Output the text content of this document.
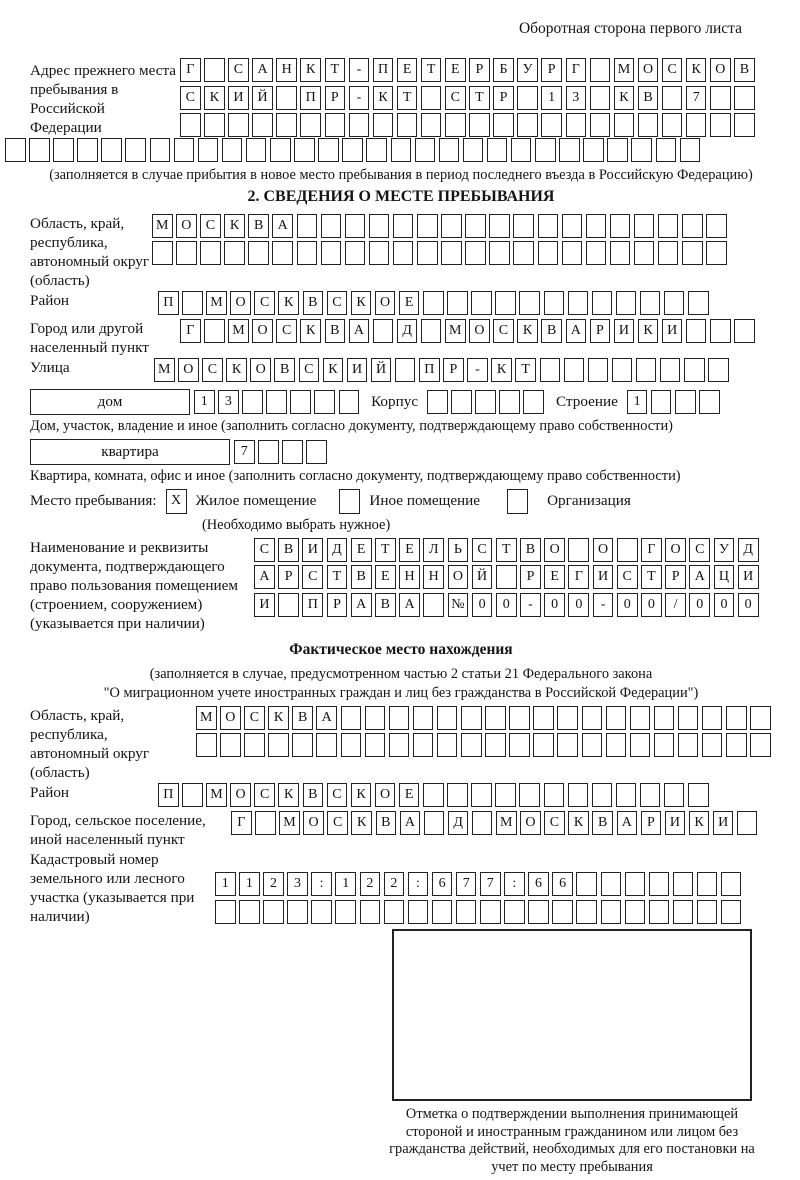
Оборотная сторона первого листа
Адрес прежнего места пребывания в Российской Федерации
Г	С	А Н	К	Т	-	П	Е	Т	Е	Р	Б	У	Р	Г	М О	С	К	О	В
С	К	И Й	П	Р	-	К	Т	С	Т	Р	1	3	К	В	7
(заполняется в случае прибытия в новое место пребывания в период последнего въезда в Российскую Федерацию)
2. СВЕДЕНИЯ О МЕСТЕ ПРЕБЫВАНИЯ
Область, край, республика, автономный округ (область)
М О	С	К	В	А
Район	П	М О	С	К	В	С	К	О	Е
Город или другой населенный пункт
Г	М О	С	К	В	А	Д	М О	С	К	В	А	Р	И	К	И
Улица	М О	С	К	О	В	С	К	И Й	П	Р	-	К	Т
дом	1	3	Корпус	Строение	1
Дом, участок, владение и иное (заполнить согласно документу, подтверждающему право собственности)
квартира	7
Квартира, комната, офис и иное (заполнить согласно документу, подтверждающему право собственности)
Место пребывания: X Жилое помещение	Иное помещение	Организация
(Необходимо выбрать нужное)
Наименование и реквизиты документа, подтверждающего право пользования помещением (строением, сооружением) (указывается при наличии)
С	В	И	Д	Е	Т	Е	Л	Ь	С	Т	В	О	О	Г	О	С	У	Д
А	Р	С	Т	В	Е	Н	Н	О	Й	Р	Е	Г	И	С	Т	Р	А	Ц	И
И	П	Р	А	В	А	№	0	0	-	0	0	-	0	0	/	0	0	0
Фактическое место нахождения
(заполняется в случае, предусмотренном частью 2 статьи 21 Федерального закона
"О миграционном учете иностранных граждан и лиц без гражданства в Российской Федерации")
Область, край, республика, автономный округ (область)
М О	С	К	В	А
Район	П	М О	С	К	В	С	К	О	Е
Город, сельское поселение, иной населенный пункт
Г	М О	С	К	В	А	Д	М О	С	К	В	А	Р	И	К	И
Кадастровый номер земельного или лесного участка (указывается при наличии)
1	1	2	3	:	1	2	2	:	6	7	7	:	6	6
Отметка о подтверждении выполнения принимающей стороной и иностранным гражданином или лицом без гражданства действий, необходимых для его постановки на учет по месту пребывания
